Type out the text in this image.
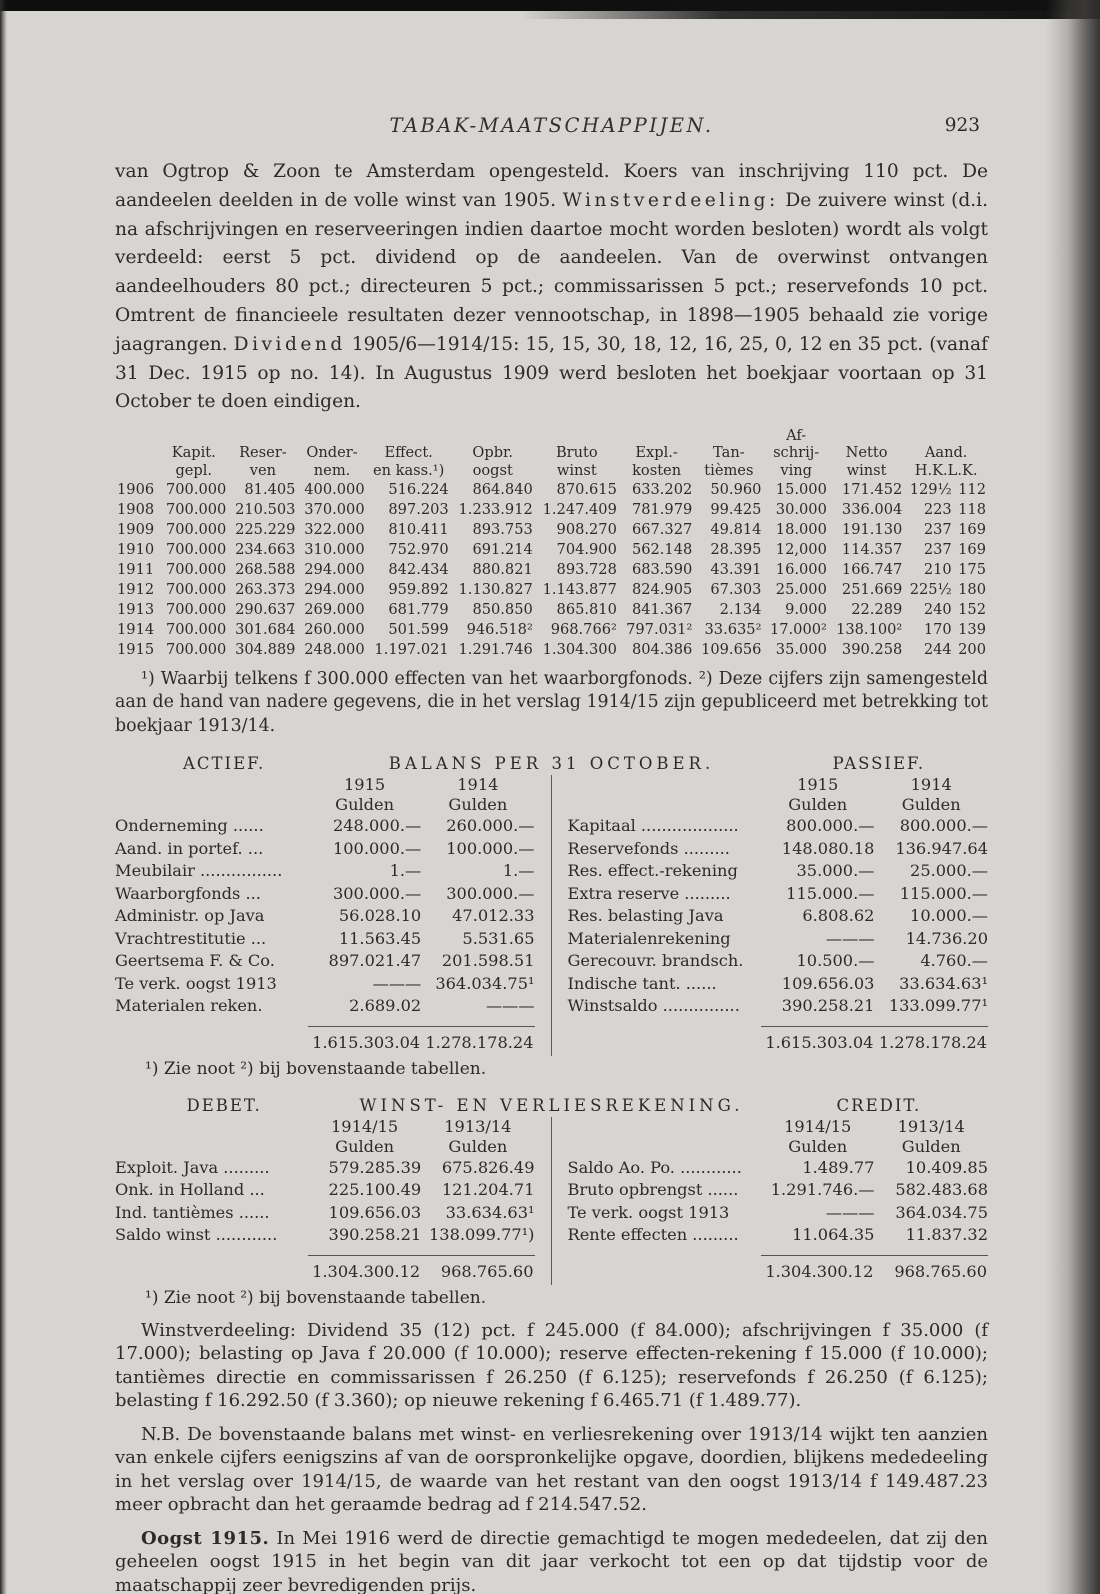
TABAK-MAATSCHAPPIJEN.	923

van Ogtrop & Zoon te Amsterdam opengesteld. Koers van inschrijving 110 pct. De aandeelen deelden in de volle winst van 1905. Winstverdeeling: De zuivere winst (d.i. na afschrijvingen en reserveeringen indien daartoe mocht worden besloten) wordt als volgt verdeeld: eerst 5 pct. dividend op de aandeelen. Van de overwinst ontvangen aandeelhouders 80 pct.; directeuren 5 pct.; commissarissen 5 pct.; reservefonds 10 pct. Omtrent de financieele resultaten dezer vennootschap, in 1898—1905 behaald zie vorige jaagrangen. Dividend 1905/6—1914/15: 15, 15, 30, 18, 12, 16, 25, 0, 12 en 35 pct. (vanaf 31 Dec. 1915 op no. 14). In Augustus 1909 werd besloten het boekjaar voortaan op 31 October te doen eindigen.

									Af-			
	Kapit.	Reser-	Onder-	Effect.	Opbr.	Bruto	Expl.-	Tan-	schrij-	Netto	Aand.	
	gepl.	ven	nem.	en kass.¹)	oogst	winst	kosten	tièmes	ving	winst	H.K.L.K.	
1906	700.000	81.405	400.000	516.224	864.840	870.615	633.202	50.960	15.000	171.452	129½	112
1908	700.000	210.503	370.000	897.203	1.233.912	1.247.409	781.979	99.425	30.000	336.004	223	118
1909	700.000	225.229	322.000	810.411	893.753	908.270	667.327	49.814	18.000	191.130	237	169
1910	700.000	234.663	310.000	752.970	691.214	704.900	562.148	28.395	12,000	114.357	237	169
1911	700.000	268.588	294.000	842.434	880.821	893.728	683.590	43.391	16.000	166.747	210	175
1912	700.000	263.373	294.000	959.892	1.130.827	1.143.877	824.905	67.303	25.000	251.669	225½	180
1913	700.000	290.637	269.000	681.779	850.850	865.810	841.367	2.134	9.000	22.289	240	152
1914	700.000	301.684	260.000	501.599	946.518²	968.766²	797.031²	33.635²	17.000²	138.100²	170	139
1915	700.000	304.889	248.000	1.197.021	1.291.746	1.304.300	804.386	109.656	35.000	390.258	244	200

¹) Waarbij telkens f 300.000 effecten van het waarborgfonods. ²) Deze cijfers zijn samengesteld aan de hand van nadere gegevens, die in het verslag 1914/15 zijn gepubliceerd met betrekking tot boekjaar 1913/14.

ACTIEF.	BALANS PER 31 OCTOBER.	PASSIEF.
	1915	1914
	Gulden	Gulden
Onderneming ......	248.000.—	260.000.—
Aand. in portef. ...	100.000.—	100.000.—
Meubilair ................	1.—	1.—
Waarborgfonds ...	300.000.—	300.000.—
Administr. op Java	56.028.10	47.012.33
Vrachtrestitutie ...	11.563.45	5.531.65
Geertsema F. & Co.	897.021.47	201.598.51
Te verk. oogst 1913	———	364.034.75¹
Materialen reken.	2.689.02	———
	1.615.303.04	1.278.178.24
	1915	1914
	Gulden	Gulden
Kapitaal ...................	800.000.—	800.000.—
Reservefonds .........	148.080.18	136.947.64
Res. effect.-rekening	35.000.—	25.000.—
Extra reserve .........	115.000.—	115.000.—
Res. belasting Java	6.808.62	10.000.—
Materialenrekening	———	14.736.20
Gerecouvr. brandsch.	10.500.—	4.760.—
Indische tant. ......	109.656.03	33.634.63¹
Winstsaldo ...............	390.258.21	133.099.77¹
	1.615.303.04	1.278.178.24
¹) Zie noot ²) bij bovenstaande tabellen.
DEBET.	WINST- EN VERLIESREKENING.	CREDIT.
	1914/15	1913/14
	Gulden	Gulden
Exploit. Java .........	579.285.39	675.826.49
Onk. in Holland ...	225.100.49	121.204.71
Ind. tantièmes ......	109.656.03	33.634.63¹
Saldo winst ............	390.258.21	138.099.77¹)
	1.304.300.12	968.765.60
	1914/15	1913/14
	Gulden	Gulden
Saldo Ao. Po. ............	1.489.77	10.409.85
Bruto opbrengst ......	1.291.746.—	582.483.68
Te verk. oogst 1913	———	364.034.75
Rente effecten .........	11.064.35	11.837.32
	1.304.300.12	968.765.60
¹) Zie noot ²) bij bovenstaande tabellen.

Winstverdeeling: Dividend 35 (12) pct. f 245.000 (f 84.000); afschrijvingen f 35.000 (f 17.000); belasting op Java f 20.000 (f 10.000); reserve effecten-rekening f 15.000 (f 10.000); tantièmes directie en commissarissen f 26.250 (f 6.125); reservefonds f 26.250 (f 6.125); belasting f 16.292.50 (f 3.360); op nieuwe rekening f 6.465.71 (f 1.489.77).

N.B. De bovenstaande balans met winst- en verliesrekening over 1913/14 wijkt ten aanzien van enkele cijfers eenigszins af van de oorspronkelijke opgave, doordien, blijkens mededeeling in het verslag over 1914/15, de waarde van het restant van den oogst 1913/14 f 149.487.23 meer opbracht dan het geraamde bedrag ad f 214.547.52.

Oogst 1915. In Mei 1916 werd de directie gemachtigd te mogen mededeelen, dat zij den geheelen oogst 1915 in het begin van dit jaar verkocht tot een op dat tijdstip voor de maatschappij zeer bevredigenden prijs.
